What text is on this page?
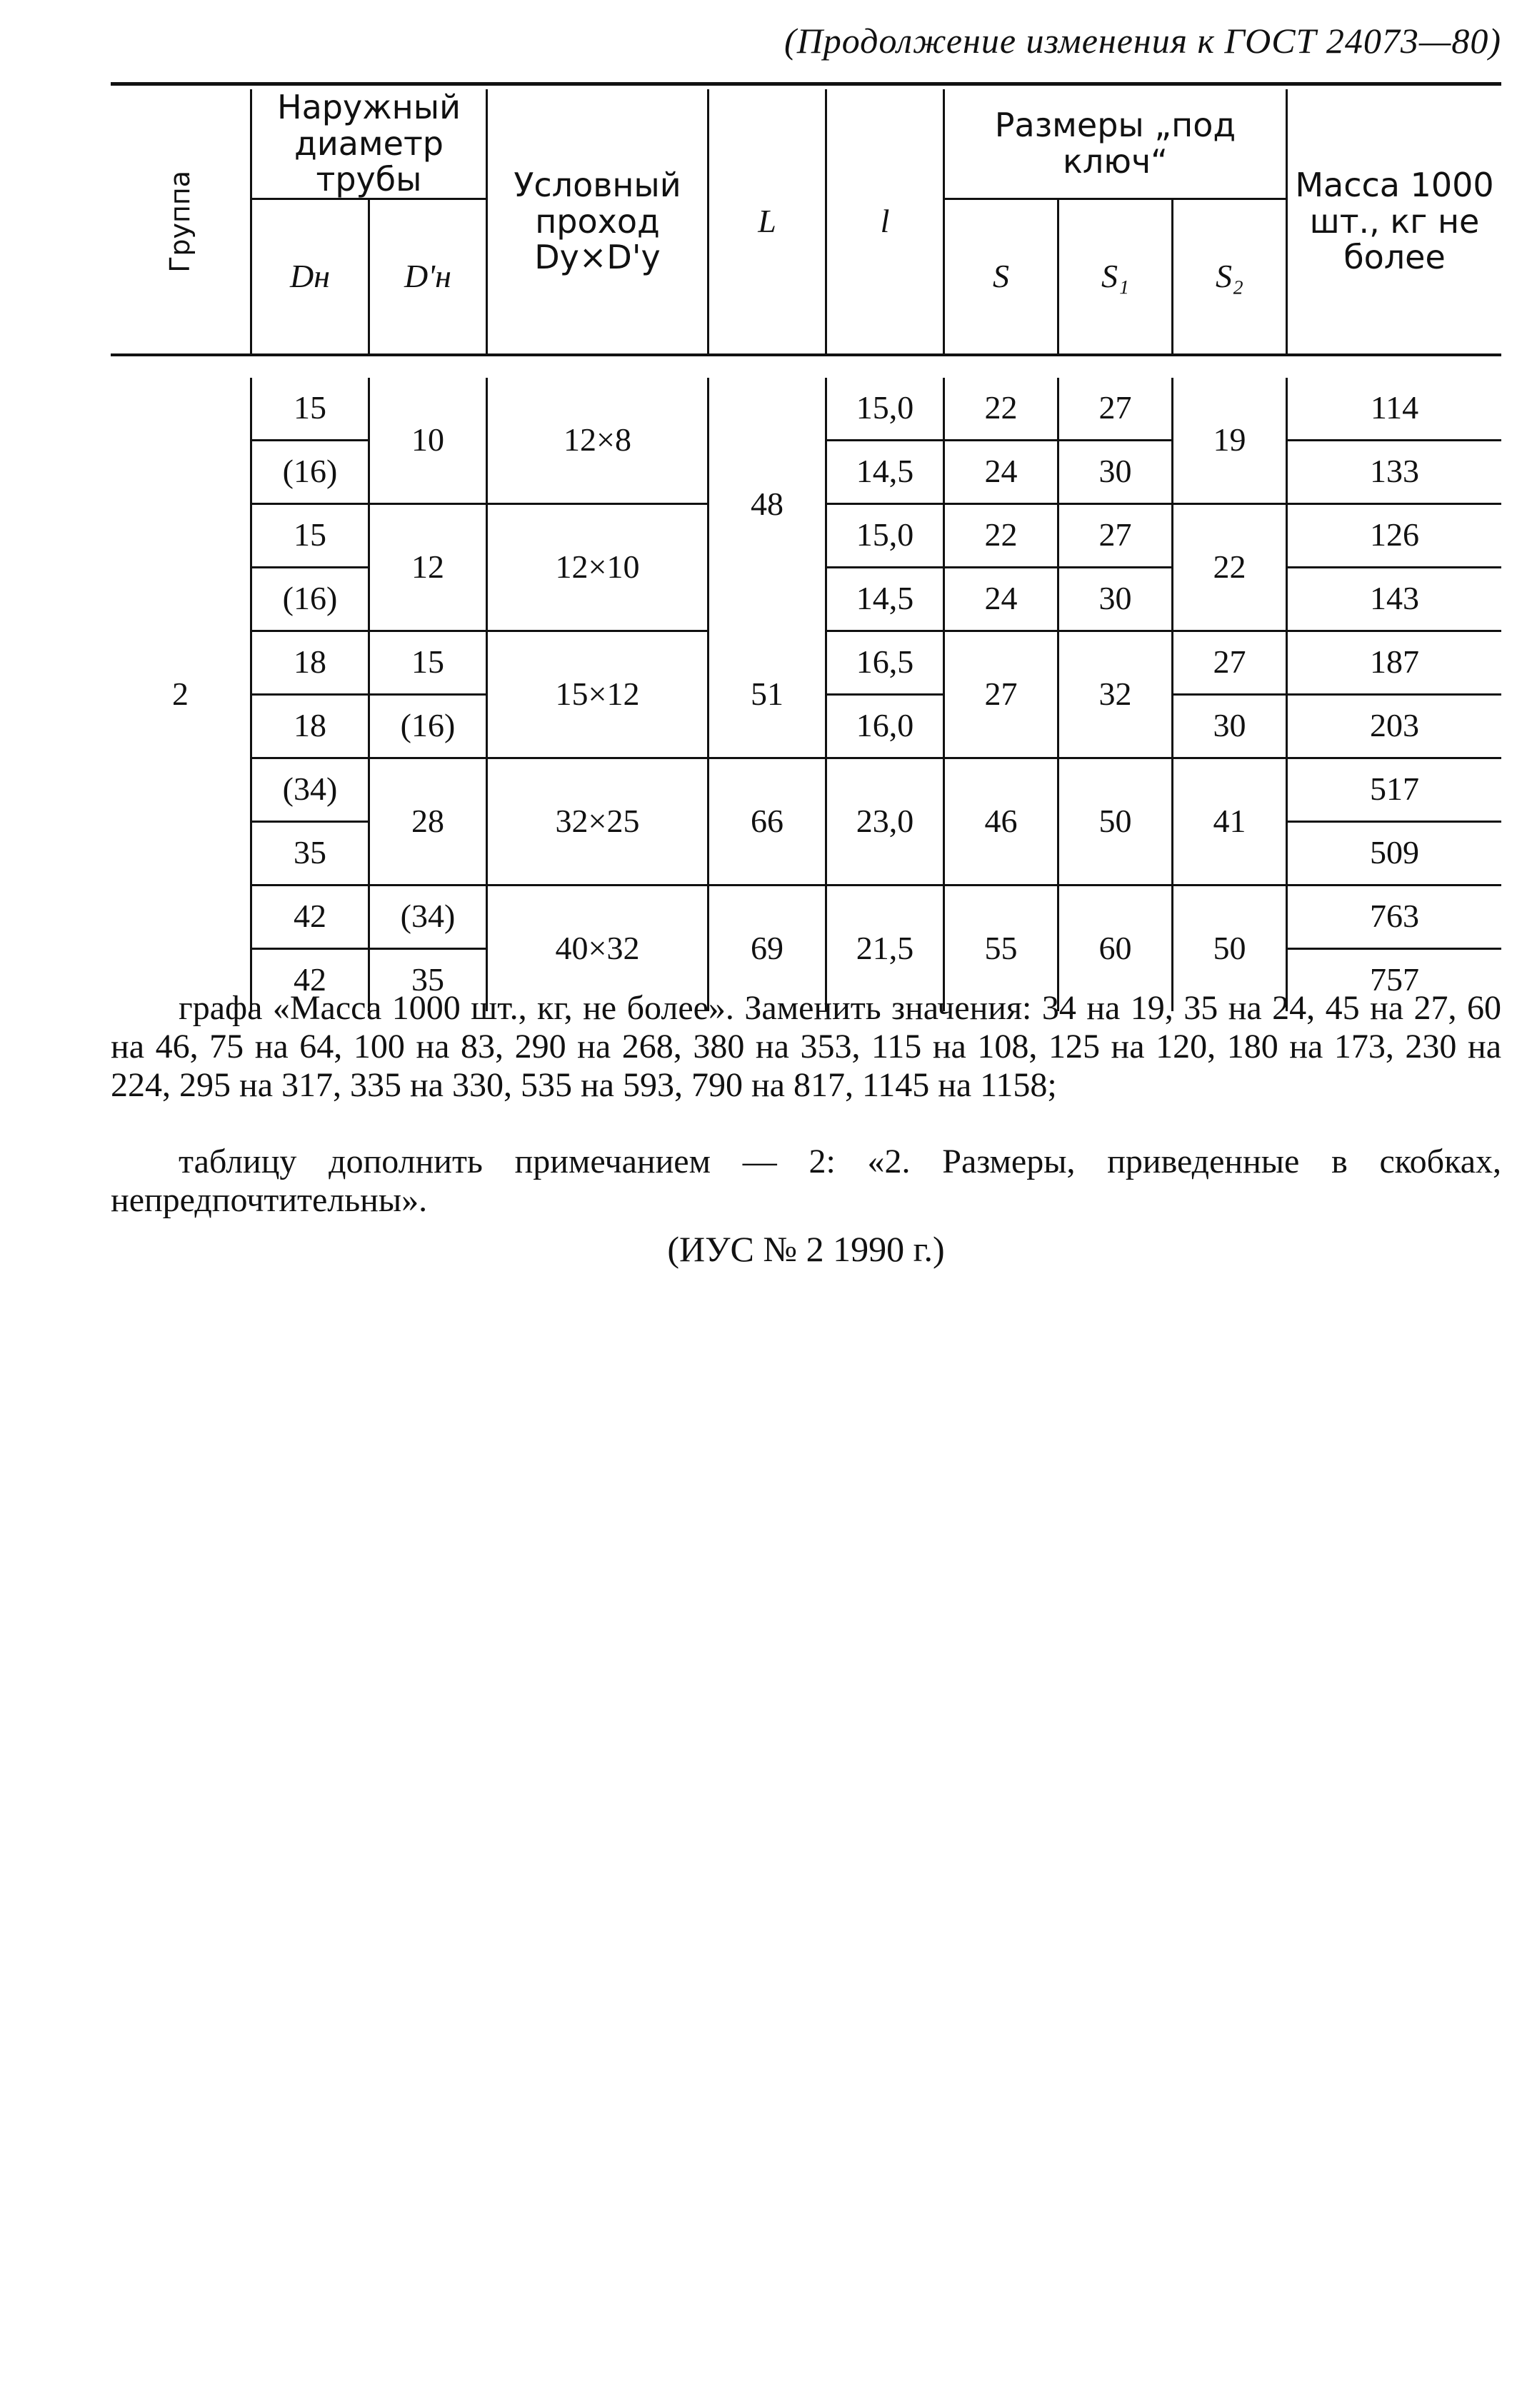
(Продолжение изменения к ГОСТ 24073—80)
Группа	Наружный диаметр трубы		Условный проход Dу×D'у	L	l	Размеры „под ключ“			Масса 1000 шт., кг не более
	Dн	D'н				S	S₁	S₂	

2	15	10	12×8	48	15,0	22	27	19	114
	(16)				14,5	24	30		133
	15	12	12×10		15,0	22	27	22	126
	(16)				14,5	24	30		143
	18	15	15×12	51	16,5	27	32	27	187
	18	(16)			16,0			30	203
	(34)	28	32×25	66	23,0	46	50	41	517
	35								509
	42	(34)	40×32	69	21,5	55	60	50	763
	42	35							757
графа «Масса 1000 шт., кг, не более». Заменить значения: 34 на 19, 35 на 24, 45 на 27, 60 на 46, 75 на 64, 100 на 83, 290 на 268, 380 на 353, 115 на 108, 125 на 120, 180 на 173, 230 на 224, 295 на 317, 335 на 330, 535 на 593, 790 на 817, 1145 на 1158;
таблицу дополнить примечанием — 2: «2. Размеры, приведенные в скобках, непредпочтительны».
(ИУС № 2 1990 г.)
